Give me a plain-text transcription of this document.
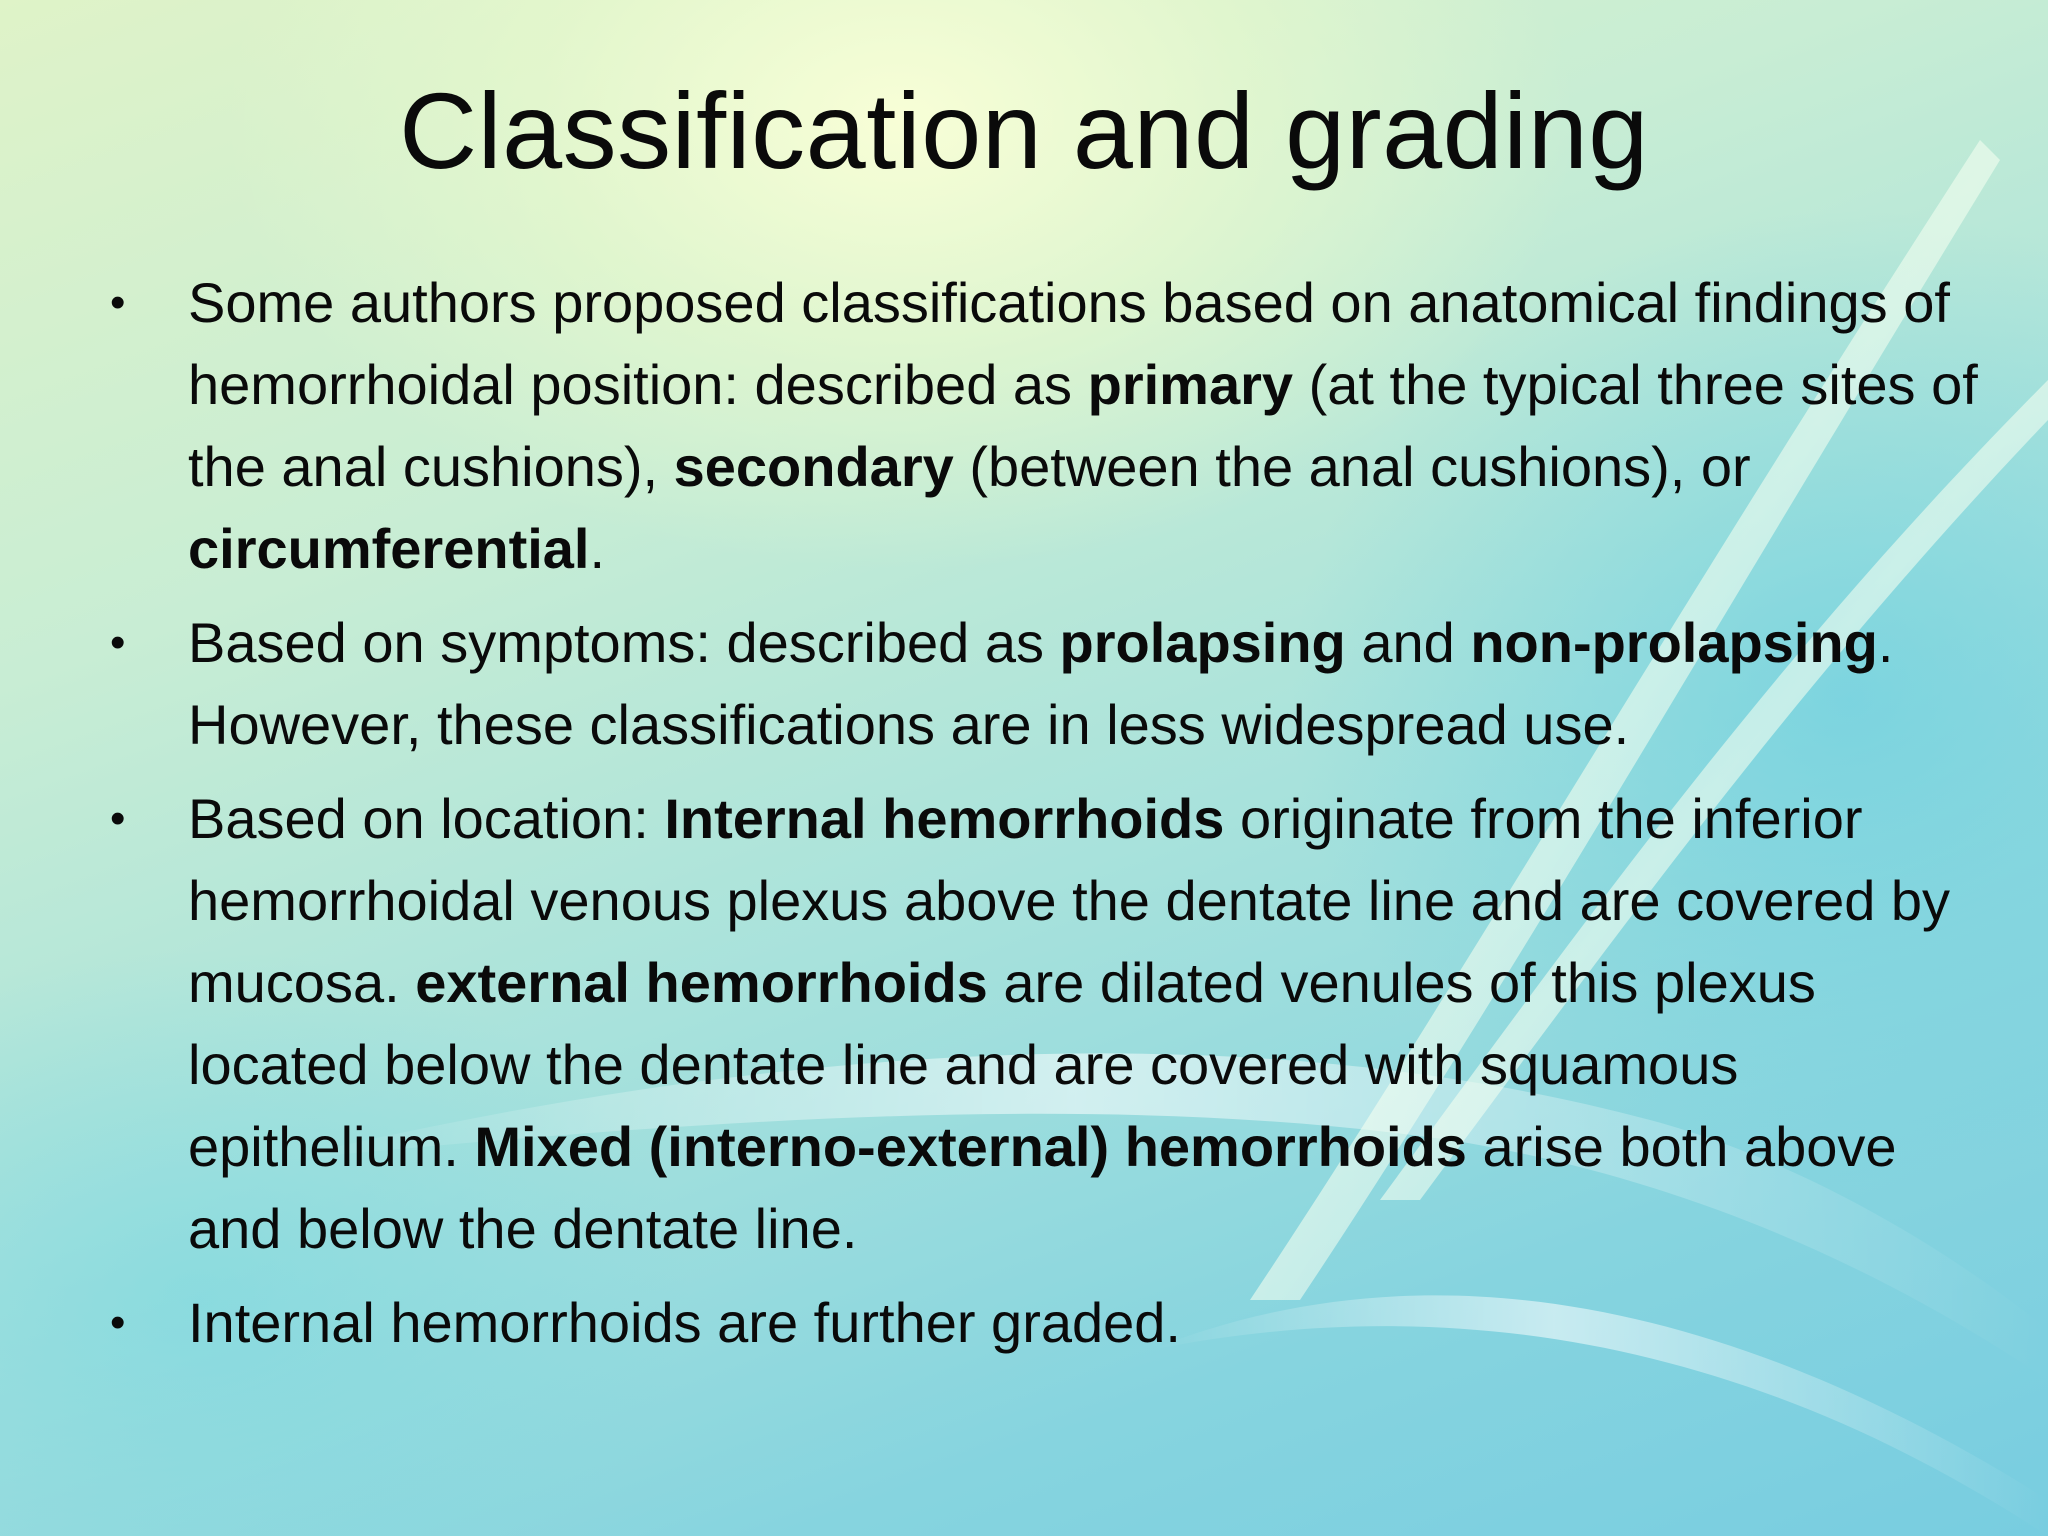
Classification and grading
• Some authors proposed classifications based on anatomical findings of hemorrhoidal position: described as primary (at the typical three sites of the anal cushions), secondary (between the anal cushions), or circumferential.
• Based on symptoms: described as prolapsing and non-prolapsing. However, these classifications are in less widespread use.
• Based on location: Internal hemorrhoids originate from the inferior hemorrhoidal venous plexus above the dentate line and are covered by mucosa. external hemorrhoids are dilated venules of this plexus located below the dentate line and are covered with squamous epithelium. Mixed (interno-external) hemorrhoids arise both above and below the dentate line.
• Internal hemorrhoids are further graded.
